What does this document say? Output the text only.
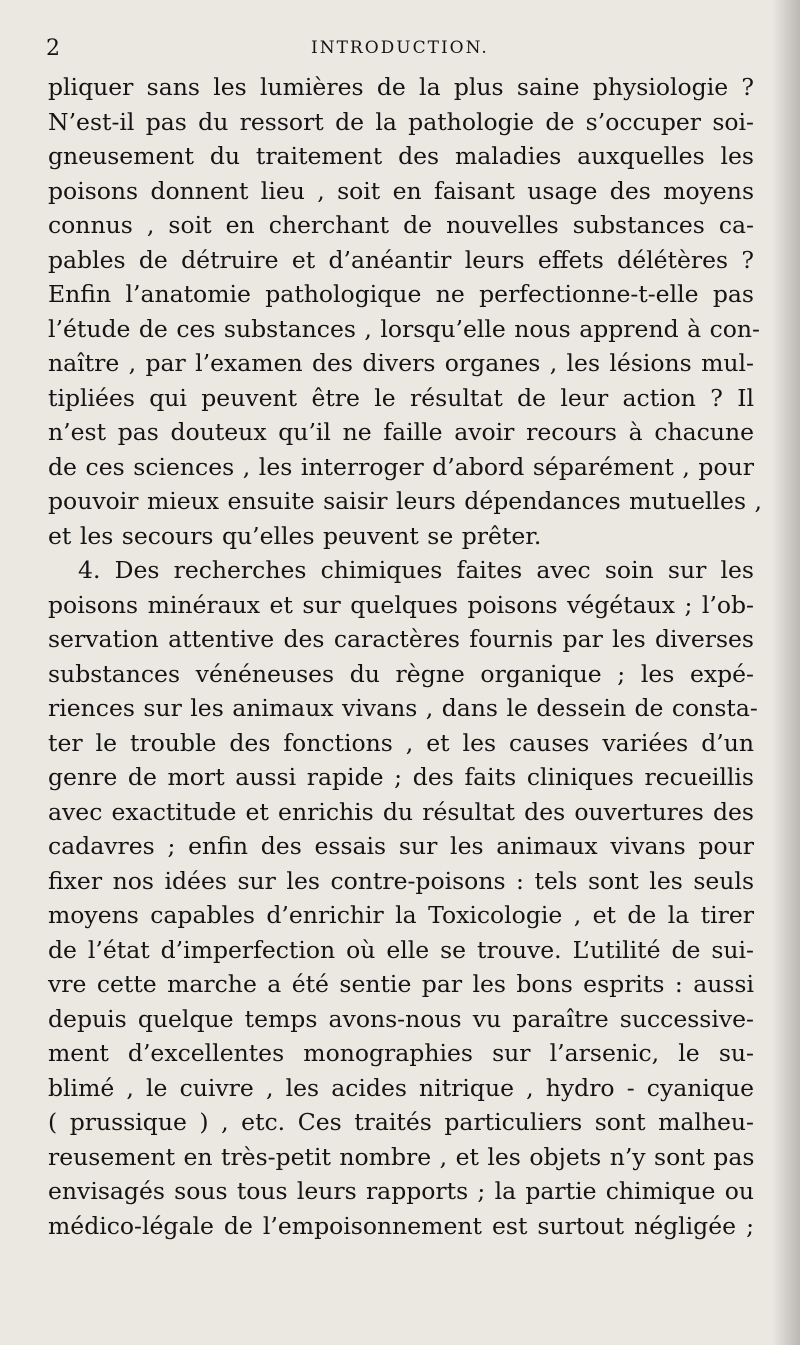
2	INTRODUCTION.
pliquer sans les lumières de la plus saine physiologie ?
N’est-il pas du ressort de la pathologie de s’occuper soi-
gneusement du traitement des maladies auxquelles les
poisons donnent lieu , soit en faisant usage des moyens
connus , soit en cherchant de nouvelles substances ca-
pables de détruire et d’anéantir leurs effets délétères ?
Enfin l’anatomie pathologique ne perfectionne-t-elle pas
l’étude de ces substances , lorsqu’elle nous apprend à con-
naître , par l’examen des divers organes , les lésions mul-
tipliées qui peuvent être le résultat de leur action ? Il
n’est pas douteux qu’il ne faille avoir recours à chacune
de ces sciences , les interroger d’abord séparément , pour
pouvoir mieux ensuite saisir leurs dépendances mutuelles ,
et les secours qu’elles peuvent se prêter.
4. Des recherches chimiques faites avec soin sur les
poisons minéraux et sur quelques poisons végétaux ; l’ob-
servation attentive des caractères fournis par les diverses
substances vénéneuses du règne organique ; les expé-
riences sur les animaux vivans , dans le dessein de consta-
ter le trouble des fonctions , et les causes variées d’un
genre de mort aussi rapide ; des faits cliniques recueillis
avec exactitude et enrichis du résultat des ouvertures des
cadavres ; enfin des essais sur les animaux vivans pour
fixer nos idées sur les contre-poisons : tels sont les seuls
moyens capables d’enrichir la Toxicologie , et de la tirer
de l’état d’imperfection où elle se trouve. L’utilité de sui-
vre cette marche a été sentie par les bons esprits : aussi
depuis quelque temps avons-nous vu paraître successive-
ment d’excellentes monographies sur l’arsenic, le su-
blimé , le cuivre , les acides nitrique , hydro - cyanique
( prussique ) , etc. Ces traités particuliers sont malheu-
reusement en très-petit nombre , et les objets n’y sont pas
envisagés sous tous leurs rapports ; la partie chimique ou
médico-légale de l’empoisonnement est surtout négligée ;
